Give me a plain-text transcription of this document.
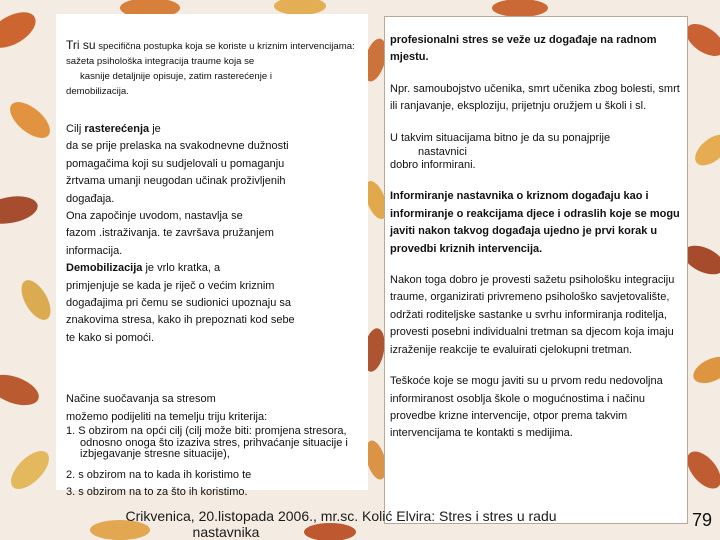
Tri su specifična postupka koja se koriste u kriznim intervencijama: sažeta psihološka integracija traume koja se

kasnije detaljnije opisuje, zatim rasterećenje i

demobilizacija.

Cilj rasterećenja je

da se prije prelaska na svakodnevne dužnosti

pomagačima koji su sudjelovali u pomaganju

žrtvama umanji neugodan učinak proživljenih

događaja.

Ona započinje uvodom, nastavlja se

fazom .istraživanja. te završava pružanjem

informacija.

Demobilizacija je vrlo kratka, a

primjenjuje se kada je riječ o većim kriznim

događajima pri čemu se sudionici upoznaju sa

znakovima stresa, kako ih prepoznati kod sebe

te kako si pomoći.

Načine suočavanja sa stresom

možemo podijeliti na temelju triju kriterija:

1. S obzirom na opći cilj (cilj može biti: promjena stresora, odnosno onoga što izaziva stres, prihvaćanje situacije i izbjegavanje stresne situacije),

2. s obzirom na to kada ih koristimo te

3. s obzirom na to za što ih koristimo.

profesionalni stres se veže uz događaje na radnom mjestu.

Npr. samoubojstvo učenika, smrt učenika zbog bolesti, smrt ili ranjavanje, eksploziju, prijetnju oružjem u školi i sl.

U takvim situacijama bitno je da su ponajprije

nastavnici

dobro informirani.

Informiranje nastavnika o kriznom događaju kao i informiranje o reakcijama djece i odraslih koje se mogu javiti nakon takvog događaja ujedno je prvi korak u provedbi kriznih intervencija.

Nakon toga dobro je provesti sažetu psihološku integraciju traume, organizirati privremeno psihološko savjetovalište, održati roditeljske sastanke u svrhu informiranja roditelja, provesti posebni individualni tretman sa djecom koja imaju izraženije reakcije te evaluirati cjelokupni tretman.

Teškoće koje se mogu javiti su u prvom redu nedovoljna informiranost osoblja škole o mogućnostima i načinu provedbe krizne intervencije, otpor prema takvim intervencijama te kontakti s medijima.

Crikvenica, 20.listopada 2006., mr.sc. Kolić Elvira: Stres i stres u radu
nastavnika
79
